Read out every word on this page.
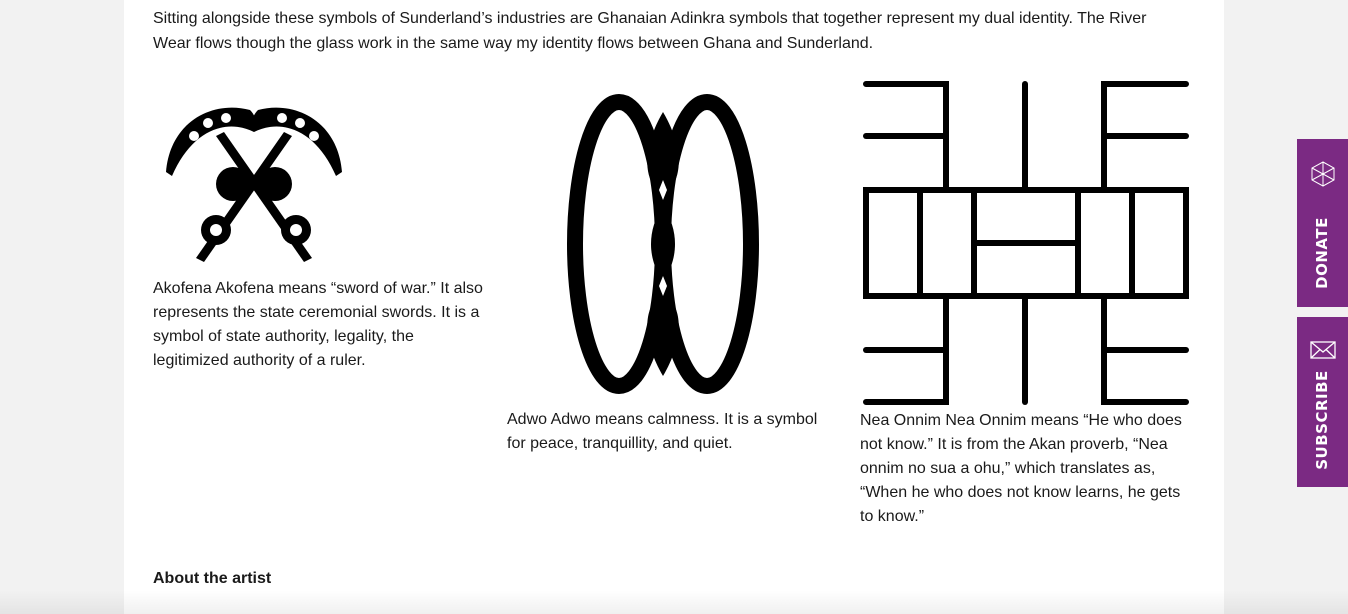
Sitting alongside these symbols of Sunderland’s industries are Ghanaian Adinkra symbols that together represent my dual identity. The River Wear flows though the glass work in the same way my identity flows between Ghana and Sunderland.

Akofena Akofena means “sword of war.” It also represents the state ceremonial swords. It is a symbol of state authority, legality, the legitimized authority of a ruler.

Adwo Adwo means calmness. It is a symbol for peace, tranquillity, and quiet.

Nea Onnim Nea Onnim means “He who does not know.” It is from the Akan proverb, “Nea onnim no sua a ohu,” which translates as, “When he who does not know learns, he gets to know.”

About the artist
DONATE
SUBSCRIBE
